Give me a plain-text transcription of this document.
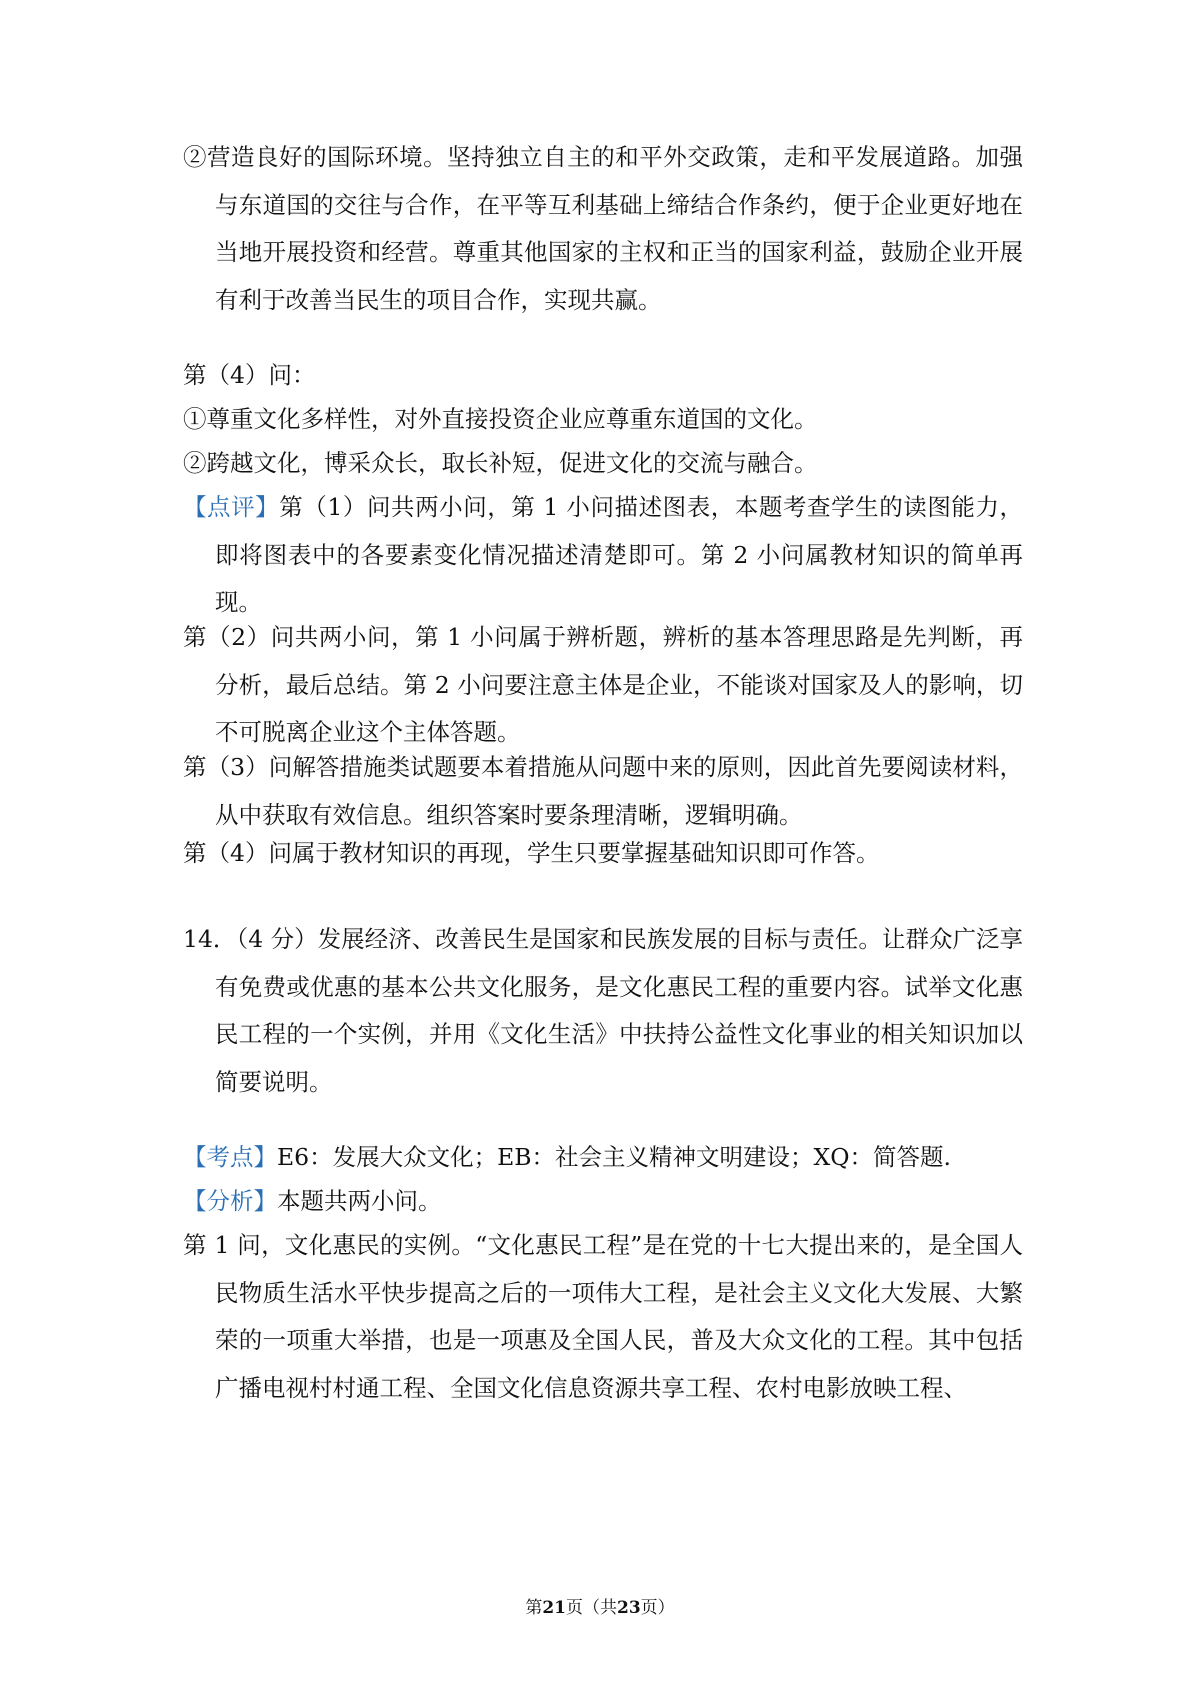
②营造良好的国际环境。坚持独立自主的和平外交政策，走和平发展道路。加强与东道国的交往与合作，在平等互利基础上缔结合作条约，便于企业更好地在当地开展投资和经营。尊重其他国家的主权和正当的国家利益，鼓励企业开展有利于改善当民生的项目合作，实现共赢。

第（4）问：

①尊重文化多样性，对外直接投资企业应尊重东道国的文化。

②跨越文化，博采众长，取长补短，促进文化的交流与融合。

【点评】第（1）问共两小问，第 1 小问描述图表，本题考查学生的读图能力，即将图表中的各要素变化情况描述清楚即可。第 2 小问属教材知识的简单再现。

第（2）问共两小问，第 1 小问属于辨析题，辨析的基本答理思路是先判断，再分析，最后总结。第 2 小问要注意主体是企业，不能谈对国家及人的影响，切不可脱离企业这个主体答题。

第（3）问解答措施类试题要本着措施从问题中来的原则，因此首先要阅读材料，从中获取有效信息。组织答案时要条理清晰，逻辑明确。

第（4）问属于教材知识的再现，学生只要掌握基础知识即可作答。

14．（4 分）发展经济、改善民生是国家和民族发展的目标与责任。让群众广泛享有免费或优惠的基本公共文化服务，是文化惠民工程的重要内容。试举文化惠民工程的一个实例，并用《文化生活》中扶持公益性文化事业的相关知识加以简要说明。

【考点】E6：发展大众文化；EB：社会主义精神文明建设；XQ：简答题.

【分析】本题共两小问。

第 1 问，文化惠民的实例。“文化惠民工程”是在党的十七大提出来的，是全国人民物质生活水平快步提高之后的一项伟大工程，是社会主义文化大发展、大繁荣的一项重大举措，也是一项惠及全国人民，普及大众文化的工程。其中包括广播电视村村通工程、全国文化信息资源共享工程、农村电影放映工程、

第21页（共23页）
